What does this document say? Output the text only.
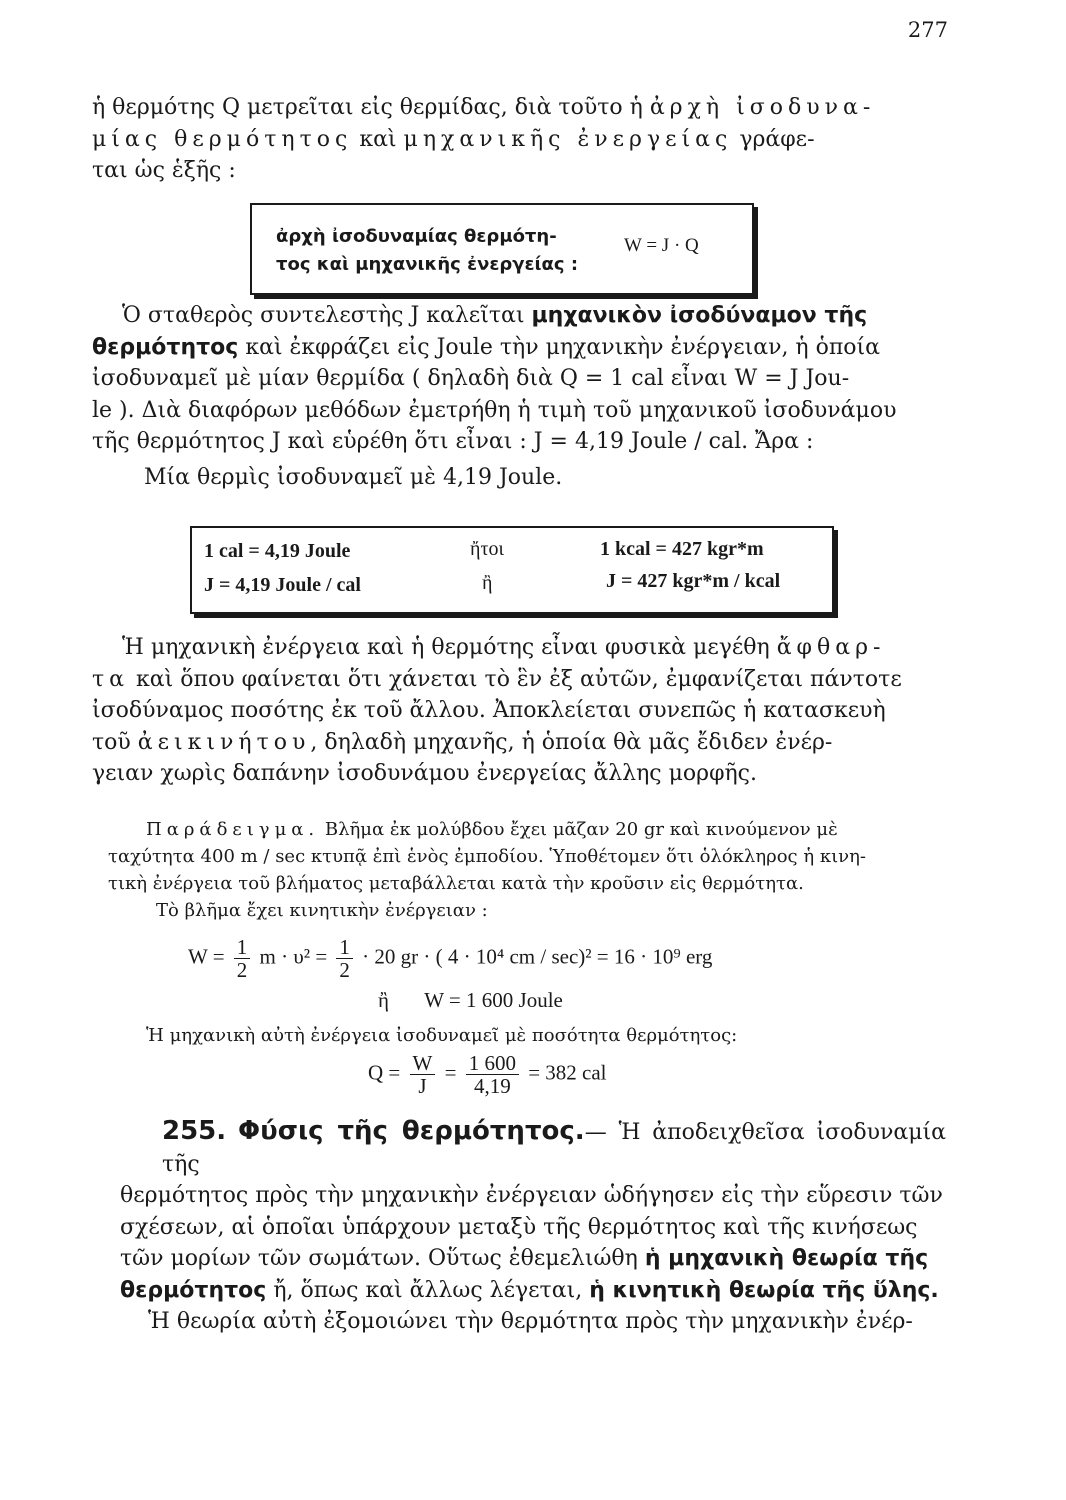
277
ἡ θερμότης Q μετρεῖται εἰς θερμίδας, διὰ τοῦτο ἡ ἀρχὴ ἰσοδυνα-
μίας θερμότητος καὶ μηχανικῆς ἐνεργείας γράφε-
ται ὡς ἑξῆς :
ἀρχὴ ἰσοδυναμίας θερμότη-
τος καὶ μηχανικῆς ἐνεργείας :
W = J · Q
Ὁ σταθερὸς συντελεστὴς J καλεῖται μηχανικὸν ἰσοδύναμον τῆς
θερμότητος καὶ ἐκφράζει εἰς Joule τὴν μηχανικὴν ἐνέργειαν, ἡ ὁποία
ἰσοδυναμεῖ μὲ μίαν θερμίδα ( δηλαδὴ διὰ Q = 1 cal εἶναι W = J Jou-
le ). Διὰ διαφόρων μεθόδων ἐμετρήθη ἡ τιμὴ τοῦ μηχανικοῦ ἰσοδυνάμου
τῆς θερμότητος J καὶ εὑρέθη ὅτι εἶναι : J = 4,19 Joule / cal. Ἄρα :
Μία θερμὶς ἰσοδυναμεῖ μὲ 4,19 Joule.
1 cal = 4,19 Joule	ἤτοι	1 kcal = 427 kgr*m
J = 4,19 Joule / cal	ἢ	J = 427 kgr*m / kcal
Ἡ μηχανικὴ ἐνέργεια καὶ ἡ θερμότης εἶναι φυσικὰ μεγέθη ἄφθαρ-
τα καὶ ὅπου φαίνεται ὅτι χάνεται τὸ ἓν ἐξ αὐτῶν, ἐμφανίζεται πάντοτε
ἰσοδύναμος ποσότης ἐκ τοῦ ἄλλου. Ἀποκλείεται συνεπῶς ἡ κατασκευὴ
τοῦ ἀεικινήτου, δηλαδὴ μηχανῆς, ἡ ὁποία θὰ μᾶς ἔδιδεν ἐνέρ-
γειαν χωρὶς δαπάνην ἰσοδυνάμου ἐνεργείας ἄλλης μορφῆς.
Παράδειγμα. Βλῆμα ἐκ μολύβδου ἔχει μᾶζαν 20 gr καὶ κινούμενον μὲ
ταχύτητα 400 m / sec κτυπᾷ ἐπὶ ἑνὸς ἐμποδίου. Ὑποθέτομεν ὅτι ὁλόκληρος ἡ κινη-
τικὴ ἐνέργεια τοῦ βλήματος μεταβάλλεται κατὰ τὴν κροῦσιν εἰς θερμότητα.
Τὸ βλῆμα ἔχει κινητικὴν ἐνέργειαν :
$W = \frac{1}{2}$ $m \cdot \upsilon^2 = \frac{1}{2} \cdot 20$ gr · ( 4 · 10⁴ cm / sec)² = 16 · 10⁹ erg
ἢ W = 1 600 Joule
Ἡ μηχανικὴ αὐτὴ ἐνέργεια ἰσοδυναμεῖ μὲ ποσότητα θερμότητος:
$Q = \frac{W}{J} = \frac{1 600}{4,19} = 382$ cal
255. Φύσις τῆς θερμότητος.— Ἡ ἀποδειχθεῖσα ἰσοδυναμία τῆς
θερμότητος πρὸς τὴν μηχανικὴν ἐνέργειαν ὡδήγησεν εἰς τὴν εὕρεσιν τῶν
σχέσεων, αἱ ὁποῖαι ὑπάρχουν μεταξὺ τῆς θερμότητος καὶ τῆς κινήσεως
τῶν μορίων τῶν σωμάτων. Οὕτως ἐθεμελιώθη ἡ μηχανικὴ θεωρία τῆς
θερμότητος ἤ, ὅπως καὶ ἄλλως λέγεται, ἡ κινητικὴ θεωρία τῆς ὕλης.
Ἡ θεωρία αὐτὴ ἐξομοιώνει τὴν θερμότητα πρὸς τὴν μηχανικὴν ἐνέρ-
